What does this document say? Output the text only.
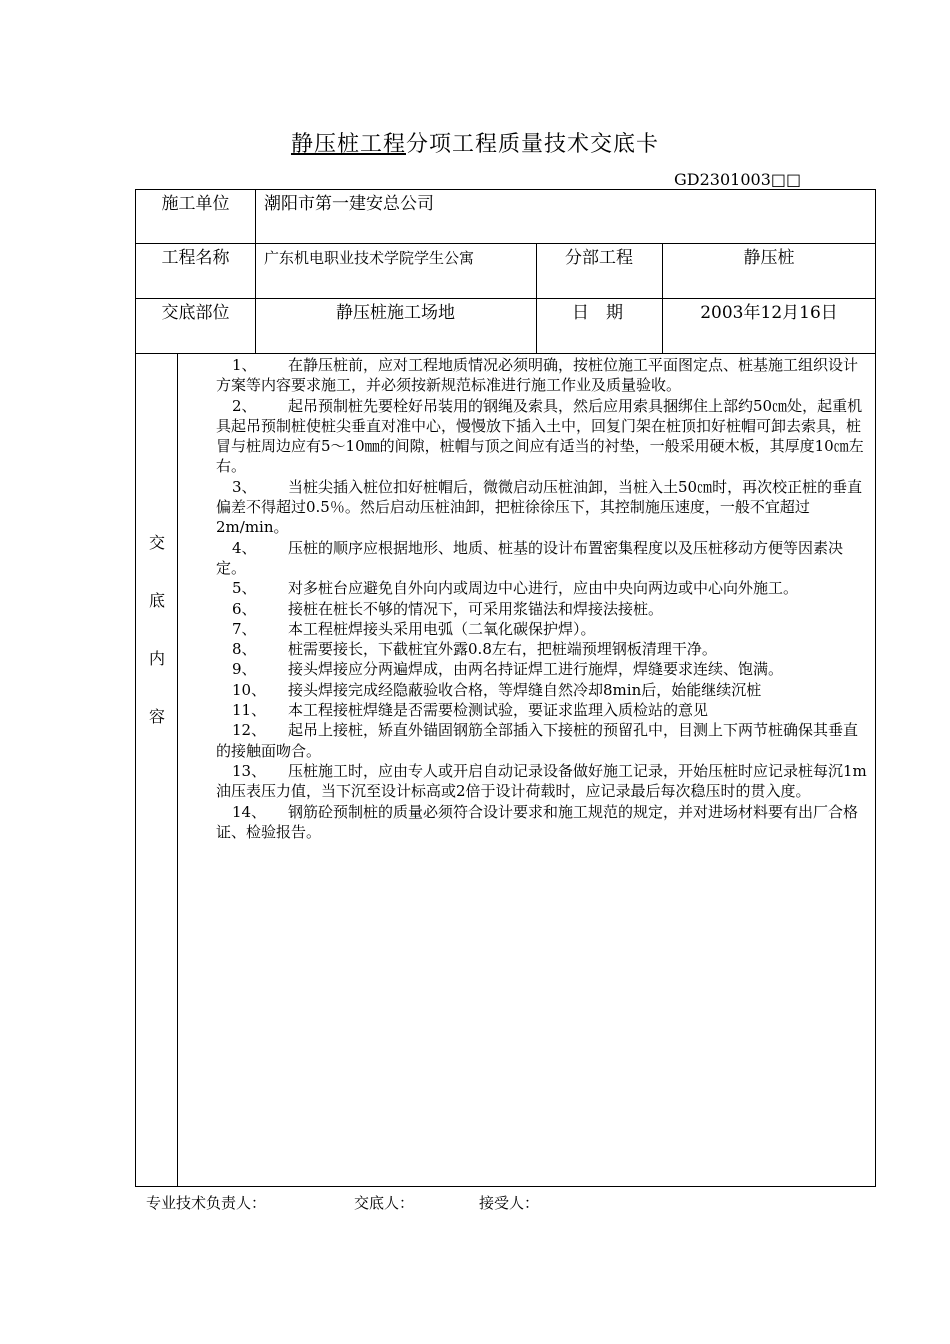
静压桩工程分项工程质量技术交底卡
GD2301003□□
施工单位	潮阳市第一建安总公司
工程名称	广东机电职业技术学院学生公寓	分部工程	静压桩
交底部位	静压桩施工场地	日　期	2003年12月16日
交
底
内
容

1、 在静压桩前，应对工程地质情况必须明确，按桩位施工平面图定点、桩基施工组织设计方案等内容要求施工，并必须按新规范标准进行施工作业及质量验收。

2、 起吊预制桩先要栓好吊装用的钢绳及索具，然后应用索具捆绑住上部约50㎝处，起重机具起吊预制桩使桩尖垂直对准中心，慢慢放下插入土中，回复门架在桩顶扣好桩帽可卸去索具，桩冒与桩周边应有5～10㎜的间隙，桩帽与顶之间应有适当的衬垫，一般采用硬木板，其厚度10㎝左右。

3、 当桩尖插入桩位扣好桩帽后，微微启动压桩油卸，当桩入土50㎝时，再次校正桩的垂直偏差不得超过0.5％。然后启动压桩油卸，把桩徐徐压下，其控制施压速度，一般不宜超过2m/min。

4、 压桩的顺序应根据地形、地质、桩基的设计布置密集程度以及压桩移动方便等因素决定。

5、 对多桩台应避免自外向内或周边中心进行，应由中央向两边或中心向外施工。

6、 接桩在桩长不够的情况下，可采用浆锚法和焊接法接桩。

7、 本工程桩焊接头采用电弧（二氧化碳保护焊）。

8、 桩需要接长，下截桩宜外露0.8左右，把桩端预埋钢板清理干净。

9、 接头焊接应分两遍焊成，由两名持证焊工进行施焊，焊缝要求连续、饱满。

10、 接头焊接完成经隐蔽验收合格，等焊缝自然冷却8min后，始能继续沉桩

11、 本工程接桩焊缝是否需要检测试验，要证求监理入质检站的意见

12、 起吊上接桩，矫直外锚固钢筋全部插入下接桩的预留孔中，目测上下两节桩确保其垂直的接触面吻合。

13、 压桩施工时，应由专人或开启自动记录设备做好施工记录，开始压桩时应记录桩每沉1m油压表压力值，当下沉至设计标高或2倍于设计荷载时，应记录最后每次稳压时的贯入度。

14、 钢筋砼预制桩的质量必须符合设计要求和施工规范的规定，并对进场材料要有出厂合格证、检验报告。

专业技术负责人：	交底人：	接受人：
